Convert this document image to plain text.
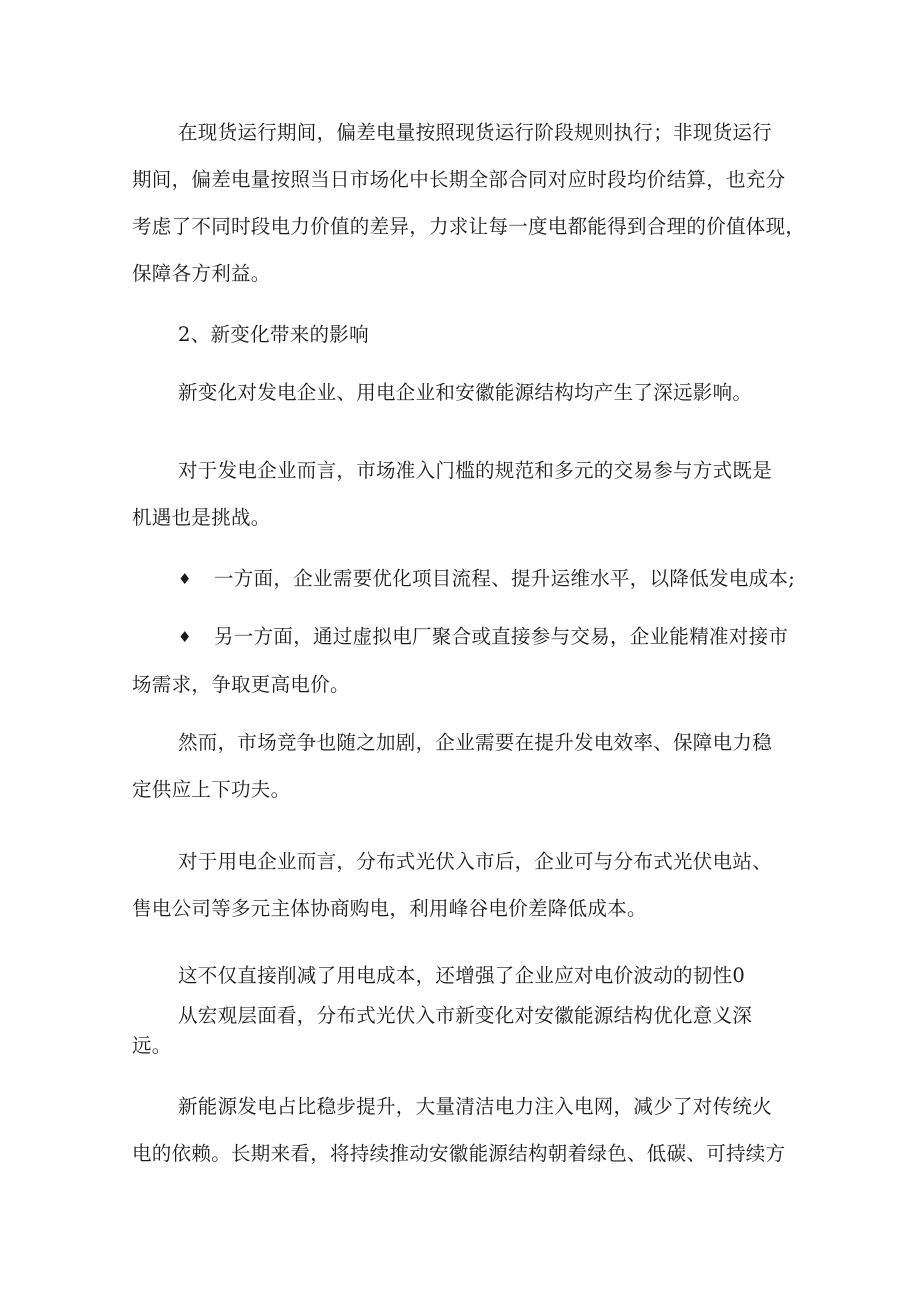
在现货运行期间，偏差电量按照现货运行阶段规则执行；非现货运行
期间，偏差电量按照当日市场化中长期全部合同对应时段均价结算，也充分
考虑了不同时段电力价值的差异，力求让每一度电都能得到合理的价值体现，
保障各方利益。

2、新变化带来的影响

新变化对发电企业、用电企业和安徽能源结构均产生了深远影响。

对于发电企业而言，市场准入门槛的规范和多元的交易参与方式既是
机遇也是挑战。

♦ 一方面，企业需要优化项目流程、提升运维水平，以降低发电成本;
♦ 另一方面，通过虚拟电厂聚合或直接参与交易，企业能精准对接市
场需求，争取更高电价。

然而，市场竞争也随之加剧，企业需要在提升发电效率、保障电力稳
定供应上下功夫。

对于用电企业而言，分布式光伏入市后，企业可与分布式光伏电站、
售电公司等多元主体协商购电，利用峰谷电价差降低成本。

这不仅直接削减了用电成本，还增强了企业应对电价波动的韧性0
从宏观层面看，分布式光伏入市新变化对安徽能源结构优化意义深
远。

新能源发电占比稳步提升，大量清洁电力注入电网，减少了对传统火
电的依赖。长期来看，将持续推动安徽能源结构朝着绿色、低碳、可持续方
